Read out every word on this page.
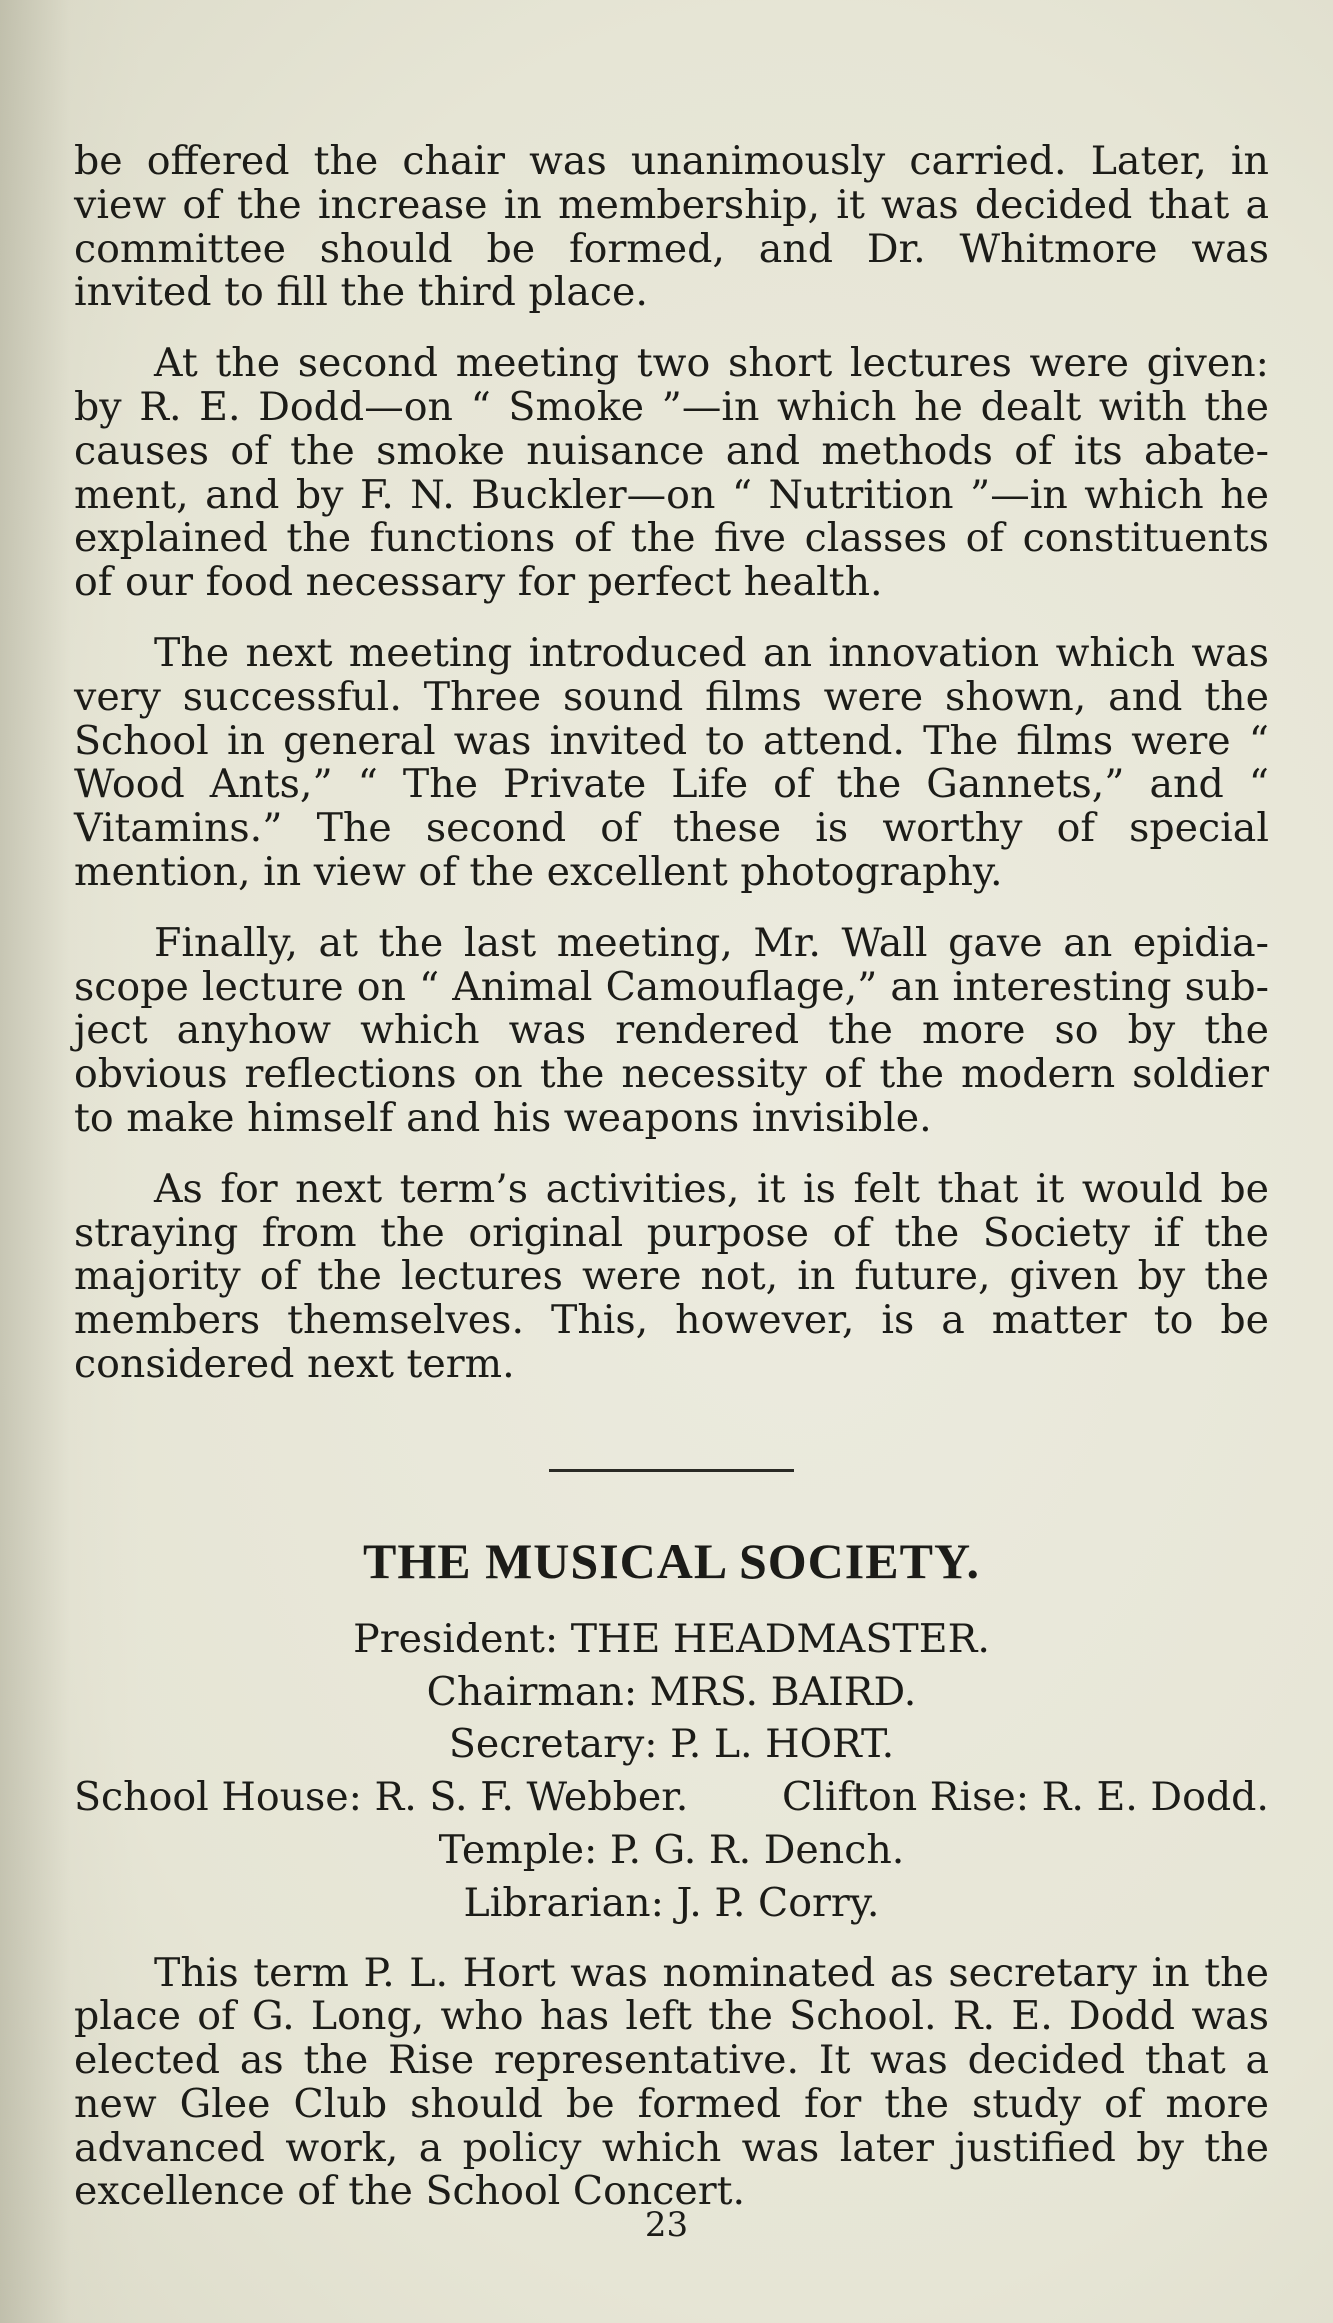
be offered the chair was unanimously carried. Later, in view of the increase in membership, it was decided that a committee should be formed, and Dr. Whitmore was invited to fill the third place.

At the second meeting two short lectures were given: by R. E. Dodd—on “ Smoke ”—in which he dealt with the causes of the smoke nuisance and methods of its abatement, and by F. N. Buckler—on “ Nutrition ”—in which he explained the functions of the five classes of constituents of our food necessary for perfect health.

The next meeting introduced an innovation which was very successful. Three sound films were shown, and the School in general was invited to attend. The films were “ Wood Ants,” “ The Private Life of the Gannets,” and “ Vitamins.” The second of these is worthy of special mention, in view of the excellent photography.

Finally, at the last meeting, Mr. Wall gave an epidiascope lecture on “ Animal Camouflage,” an interesting subject anyhow which was rendered the more so by the obvious reflections on the necessity of the modern soldier to make himself and his weapons invisible.

As for next term’s activities, it is felt that it would be straying from the original purpose of the Society if the majority of the lectures were not, in future, given by the members themselves. This, however, is a matter to be considered next term.

THE MUSICAL SOCIETY.
President: THE HEADMASTER.
Chairman: MRS. BAIRD.
Secretary: P. L. HORT.
School House: R. S. F. Webber. Clifton Rise: R. E. Dodd.
Temple: P. G. R. Dench.
Librarian: J. P. Corry.

This term P. L. Hort was nominated as secretary in the place of G. Long, who has left the School. R. E. Dodd was elected as the Rise representative. It was decided that a new Glee Club should be formed for the study of more advanced work, a policy which was later justified by the excellence of the School Concert.

23
